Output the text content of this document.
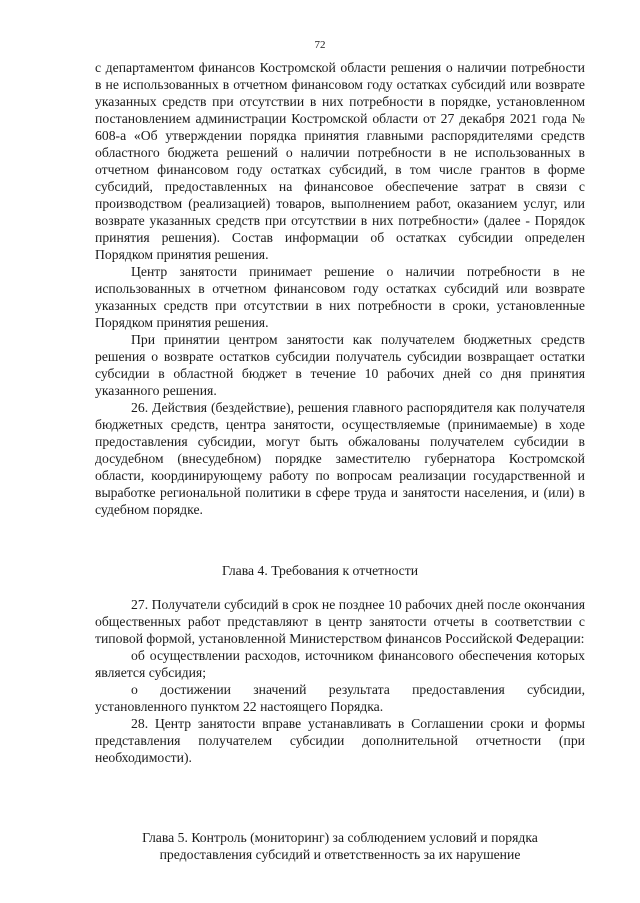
72

с департаментом финансов Костромской области решения о наличии потребности в не использованных в отчетном финансовом году остатках субсидий или возврате указанных средств при отсутствии в них потребности в порядке, установленном постановлением администрации Костромской области от 27 декабря 2021 года № 608-а «Об утверждении порядка принятия главными распорядителями средств областного бюджета решений о наличии потребности в не использованных в отчетном финансовом году остатках субсидий, в том числе грантов в форме субсидий, предоставленных на финансовое обеспечение затрат в связи с производством (реализацией) товаров, выполнением работ, оказанием услуг, или возврате указанных средств при отсутствии в них потребности» (далее - Порядок принятия решения). Состав информации об остатках субсидии определен Порядком принятия решения.

Центр занятости принимает решение о наличии потребности в не использованных в отчетном финансовом году остатках субсидий или возврате указанных средств при отсутствии в них потребности в сроки, установленные Порядком принятия решения.

При принятии центром занятости как получателем бюджетных средств решения о возврате остатков субсидии получатель субсидии возвращает остатки субсидии в областной бюджет в течение 10 рабочих дней со дня принятия указанного решения.

26. Действия (бездействие), решения главного распорядителя как получателя бюджетных средств, центра занятости, осуществляемые (принимаемые) в ходе предоставления субсидии, могут быть обжалованы получателем субсидии в досудебном (внесудебном) порядке заместителю губернатора Костромской области, координирующему работу по вопросам реализации государственной и выработке региональной политики в сфере труда и занятости населения, и (или) в судебном порядке.

Глава 4. Требования к отчетности

27. Получатели субсидий в срок не позднее 10 рабочих дней после окончания общественных работ представляют в центр занятости отчеты в соответствии с типовой формой, установленной Министерством финансов Российской Федерации:

об осуществлении расходов, источником финансового обеспечения которых является субсидия;

о достижении значений результата предоставления субсидии, установленного пунктом 22 настоящего Порядка.

28. Центр занятости вправе устанавливать в Соглашении сроки и формы представления получателем субсидии дополнительной отчетности (при необходимости).

Глава 5. Контроль (мониторинг) за соблюдением условий и порядка
предоставления субсидий и ответственность за их нарушение
